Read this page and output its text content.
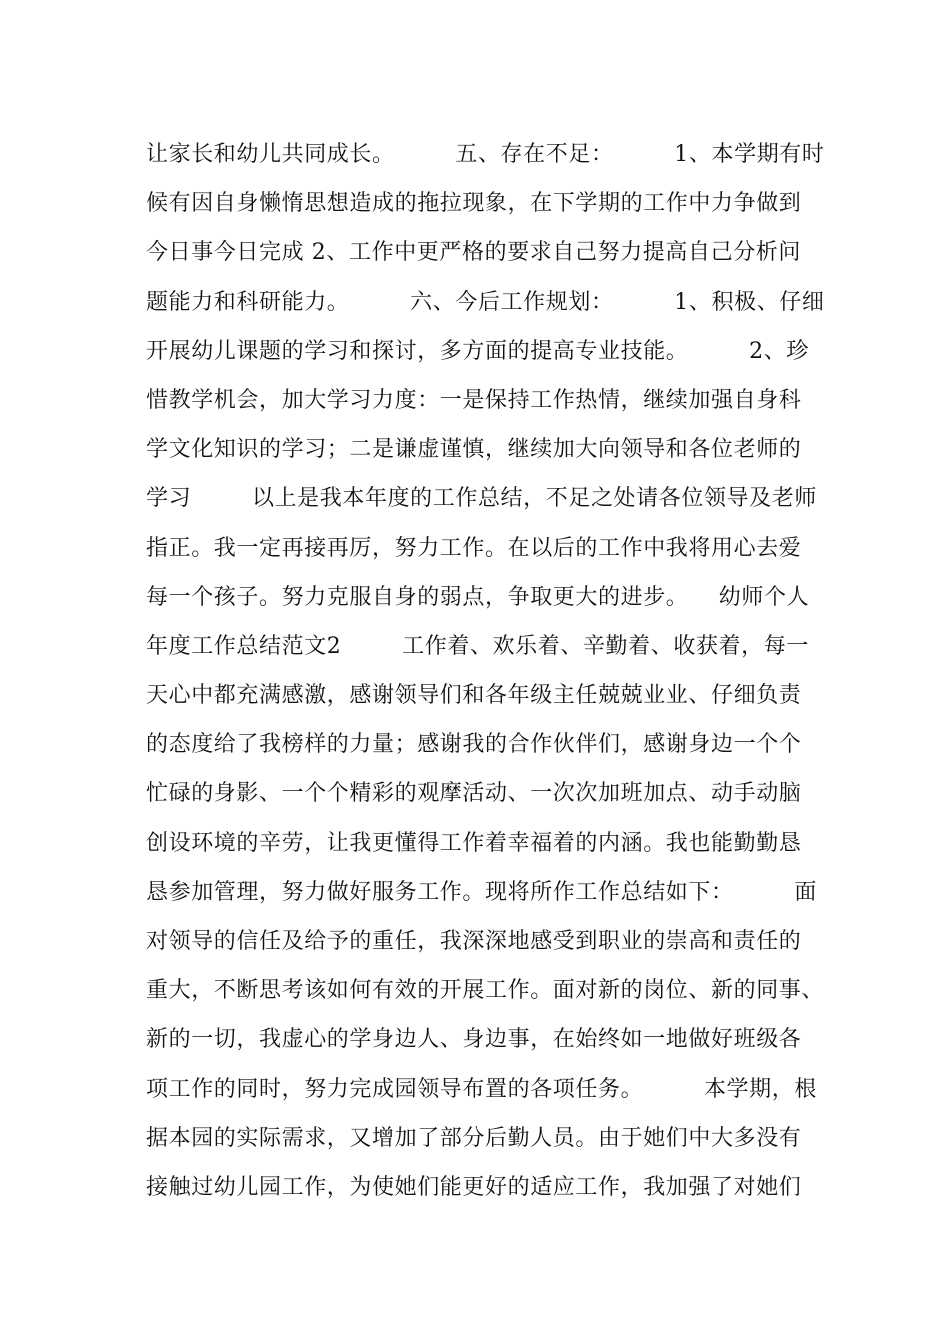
让家长和幼儿共同成长。        五、存在不足：        1、本学期有时
候有因自身懒惰思想造成的拖拉现象，在下学期的工作中力争做到
今日事今日完成 2、工作中更严格的要求自己努力提高自己分析问
题能力和科研能力。        六、今后工作规划：        1、积极、仔细
开展幼儿课题的学习和探讨，多方面的提高专业技能。        2、珍
惜教学机会，加大学习力度：一是保持工作热情，继续加强自身科
学文化知识的学习；二是谦虚谨慎，继续加大向领导和各位老师的
学习        以上是我本年度的工作总结，不足之处请各位领导及老师
指正。我一定再接再厉，努力工作。在以后的工作中我将用心去爱
每一个孩子。努力克服自身的弱点，争取更大的进步。    幼师个人
年度工作总结范文2        工作着、欢乐着、辛勤着、收获着，每一
天心中都充满感激，感谢领导们和各年级主任兢兢业业、仔细负责
的态度给了我榜样的力量；感谢我的合作伙伴们，感谢身边一个个
忙碌的身影、一个个精彩的观摩活动、一次次加班加点、动手动脑
创设环境的辛劳，让我更懂得工作着幸福着的内涵。我也能勤勤恳
恳参加管理，努力做好服务工作。现将所作工作总结如下：        面
对领导的信任及给予的重任，我深深地感受到职业的崇高和责任的
重大，不断思考该如何有效的开展工作。面对新的岗位、新的同事、
新的一切，我虚心的学身边人、身边事，在始终如一地做好班级各
项工作的同时，努力完成园领导布置的各项任务。        本学期，根
据本园的实际需求，又增加了部分后勤人员。由于她们中大多没有
接触过幼儿园工作，为使她们能更好的适应工作，我加强了对她们
